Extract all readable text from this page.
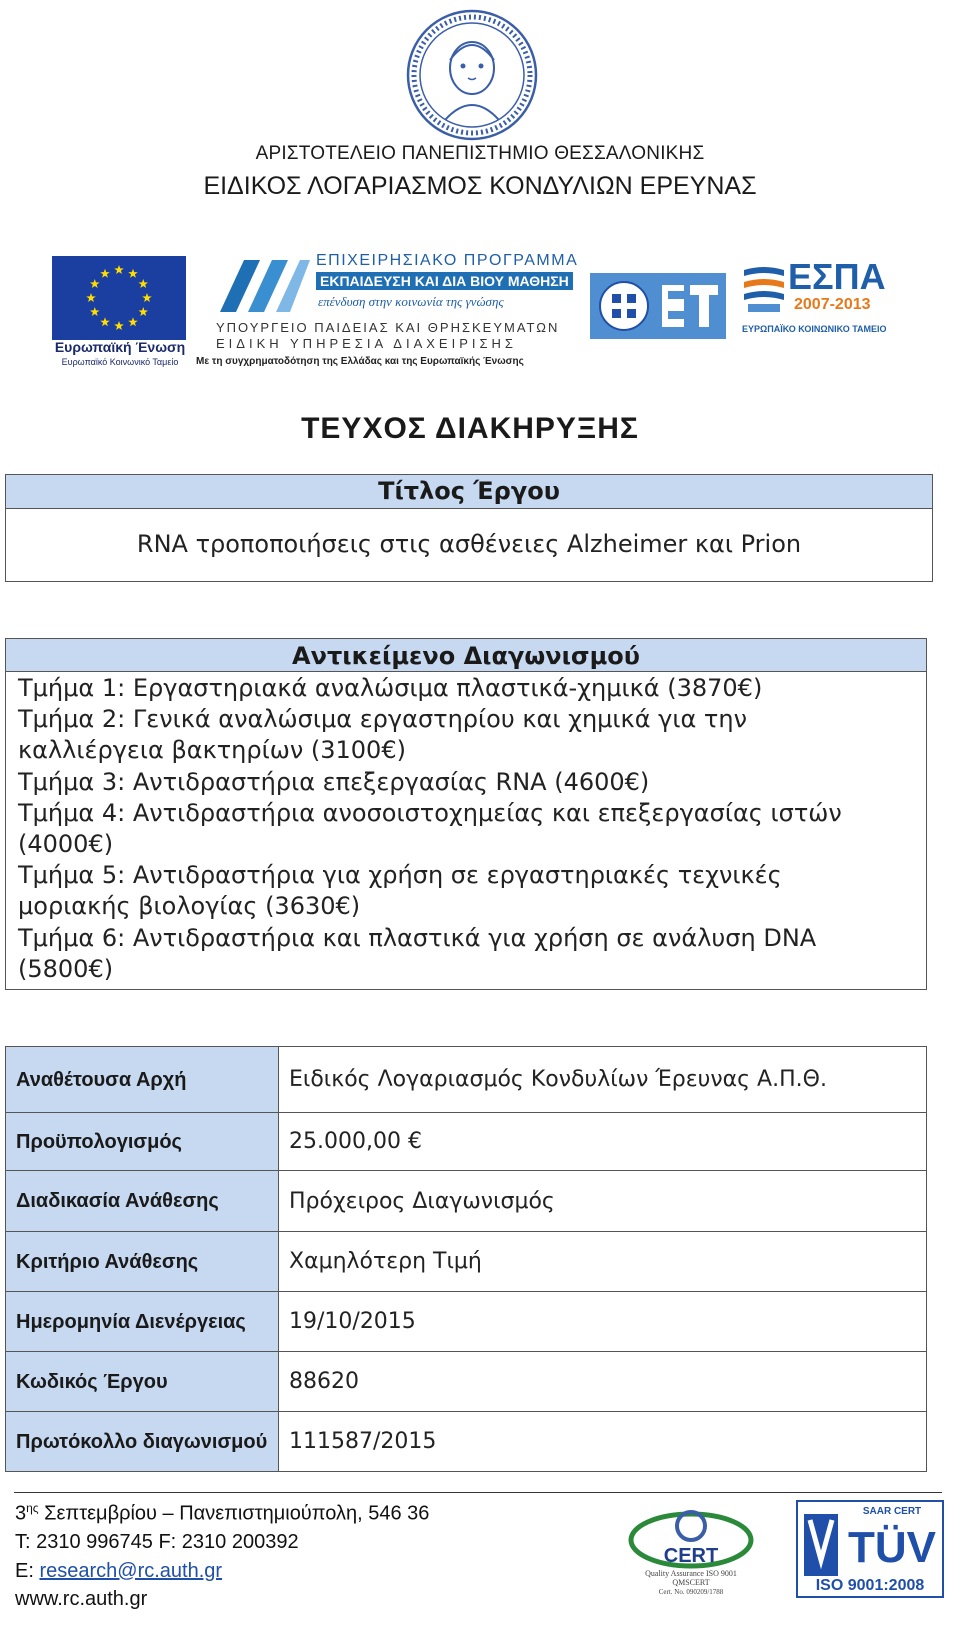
ΑΡΙΣΤΟΤΕΛΕΙΟ ΠΑΝΕΠΙΣΤΗΜΙΟ ΘΕΣΣΑΛΟΝΙΚΗΣ
ΕΙΔΙΚΟΣ ΛΟΓΑΡΙΑΣΜΟΣ ΚΟΝΔΥΛΙΩΝ ΕΡΕΥΝΑΣ
Ευρωπαϊκή Ένωση
Ευρωπαϊκό Κοινωνικό Ταμείο
ΕΠΙΧΕΙΡΗΣΙΑΚΟ ΠΡΟΓΡΑΜΜΑ
ΕΚΠΑΙΔΕΥΣΗ ΚΑΙ ΔΙΑ ΒΙΟΥ ΜΑΘΗΣΗ
επένδυση στην κοινωνία της γνώσης
ΥΠΟΥΡΓΕΙΟ ΠΑΙΔΕΙΑΣ ΚΑΙ ΘΡΗΣΚΕΥΜΑΤΩΝ
ΕΙΔΙΚΗ ΥΠΗΡΕΣΙΑ ΔΙΑΧΕΙΡΙΣΗΣ
Με τη συγχρηματοδότηση της Ελλάδας και της Ευρωπαϊκής Ένωσης
ΕΣΠΑ
2007-2013
ΕΥΡΩΠΑΪΚΟ ΚΟΙΝΩΝΙΚΟ ΤΑΜΕΙΟ
ΤΕΥΧΟΣ ΔΙΑΚΗΡΥΞΗΣ
Τίτλος Έργου
RNA τροποποιήσεις στις ασθένειες Alzheimer και Prion
Αντικείμενο Διαγωνισμού
Τμήμα 1: Εργαστηριακά αναλώσιμα πλαστικά-χημικά (3870€)
Τμήμα 2: Γενικά αναλώσιμα εργαστηρίου και χημικά για την
καλλιέργεια βακτηρίων (3100€)
Τμήμα 3: Αντιδραστήρια επεξεργασίας RNA (4600€)
Τμήμα 4: Αντιδραστήρια ανοσοιστοχημείας και επεξεργασίας ιστών
(4000€)
Τμήμα 5: Αντιδραστήρια για χρήση σε εργαστηριακές τεχνικές
μοριακής βιολογίας (3630€)
Τμήμα 6: Αντιδραστήρια και πλαστικά για χρήση σε ανάλυση DNA
(5800€)
Αναθέτουσα Αρχή	Ειδικός Λογαριασμός Κονδυλίων Έρευνας Α.Π.Θ.
Προϋπολογισμός	25.000,00 €
Διαδικασία Ανάθεσης	Πρόχειρος Διαγωνισμός
Κριτήριο Ανάθεσης	Χαμηλότερη Τιμή
Ημερομηνία Διενέργειας	19/10/2015
Κωδικός Έργου	88620
Πρωτόκολλο διαγωνισμού	111587/2015
$3^{\eta\varsigma}$ Σεπτεμβρίου – Πανεπιστημιούπολη, 546 36
T: 2310 996745 F: 2310 200392
E: research@rc.auth.gr
www.rc.auth.gr
CERT
Quality Assurance ISO 9001
QMSCERT
Cert. No. 090209/1788
SAAR CERT
TÜV
ISO 9001:2008
